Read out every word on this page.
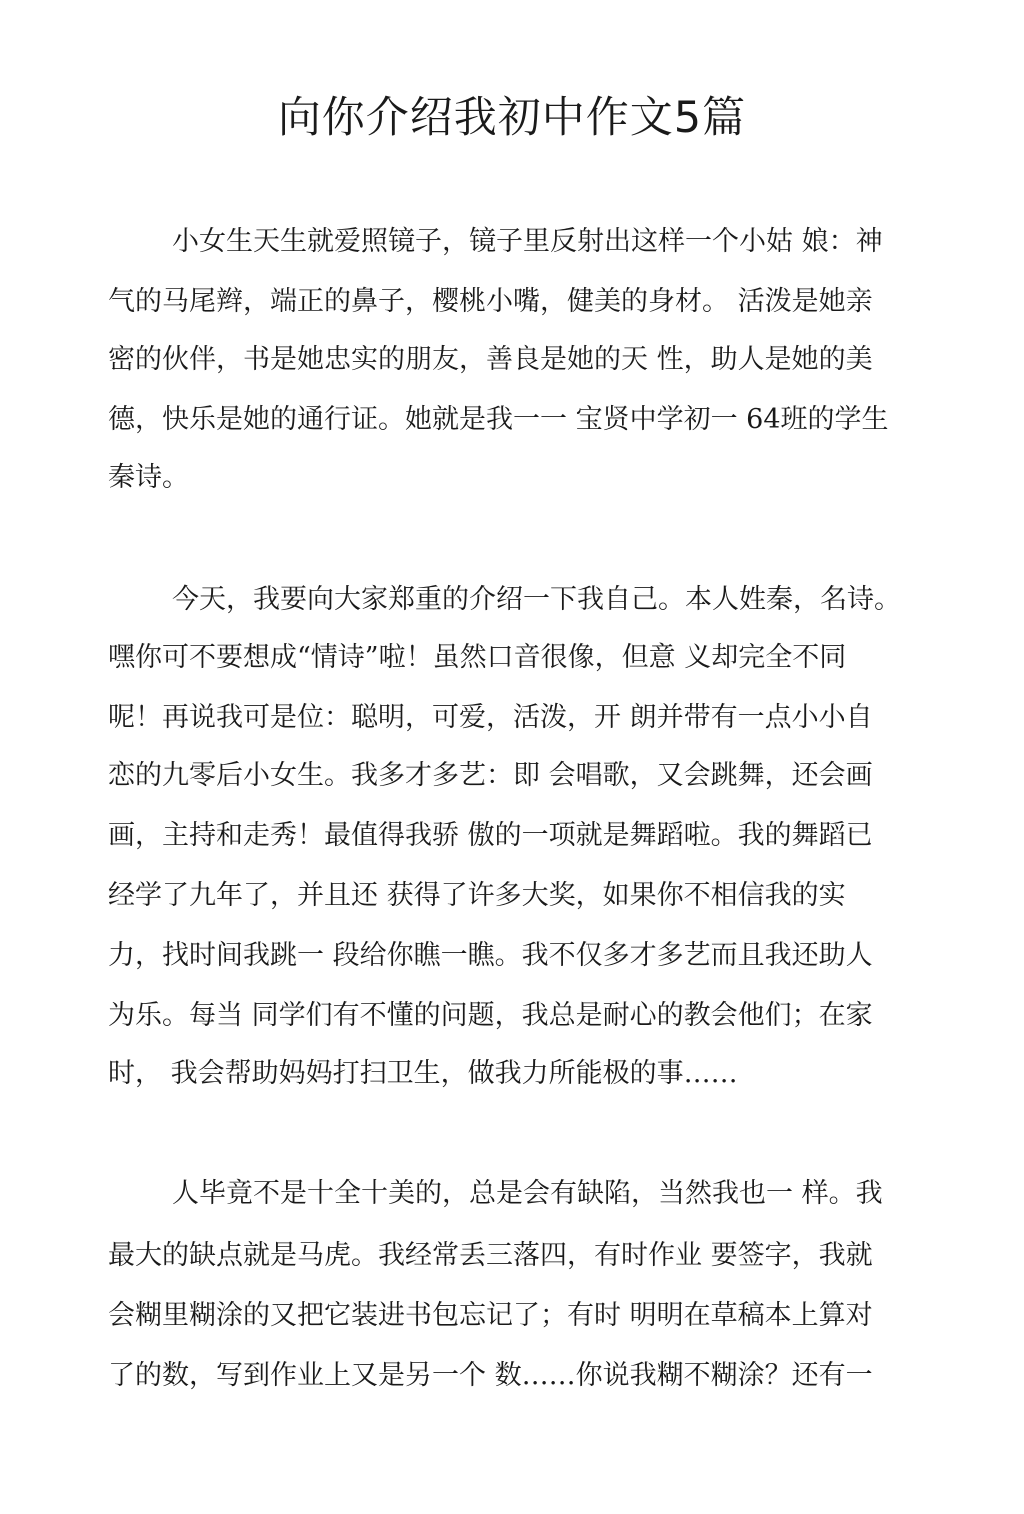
向你介绍我初中作文5篇

小女生天生就爱照镜子，镜子里反射出这样一个小姑 娘：神

气的马尾辫，端正的鼻子，樱桃小嘴，健美的身材。 活泼是她亲

密的伙伴，书是她忠实的朋友，善良是她的天 性，助人是她的美

德，快乐是她的通行证。她就是我一一 宝贤中学初一 64班的学生

秦诗。

今天，我要向大家郑重的介绍一下我自己。本人姓秦，名诗。

嘿你可不要想成“情诗”啦！虽然口音很像，但意 义却完全不同

呢！再说我可是位：聪明，可爱，活泼，开 朗并带有一点小小自

恋的九零后小女生。我多才多艺：即 会唱歌，又会跳舞，还会画

画，主持和走秀！最值得我骄 傲的一项就是舞蹈啦。我的舞蹈已

经学了九年了，并且还 获得了许多大奖，如果你不相信我的实

力，找时间我跳一 段给你瞧一瞧。我不仅多才多艺而且我还助人

为乐。每当 同学们有不懂的问题，我总是耐心的教会他们；在家

时， 我会帮助妈妈打扫卫生，做我力所能极的事……

人毕竟不是十全十美的，总是会有缺陷，当然我也一 样。我

最大的缺点就是马虎。我经常丢三落四，有时作业 要签字，我就

会糊里糊涂的又把它装进书包忘记了；有时 明明在草稿本上算对

了的数，写到作业上又是另一个 数……你说我糊不糊涂？还有一
